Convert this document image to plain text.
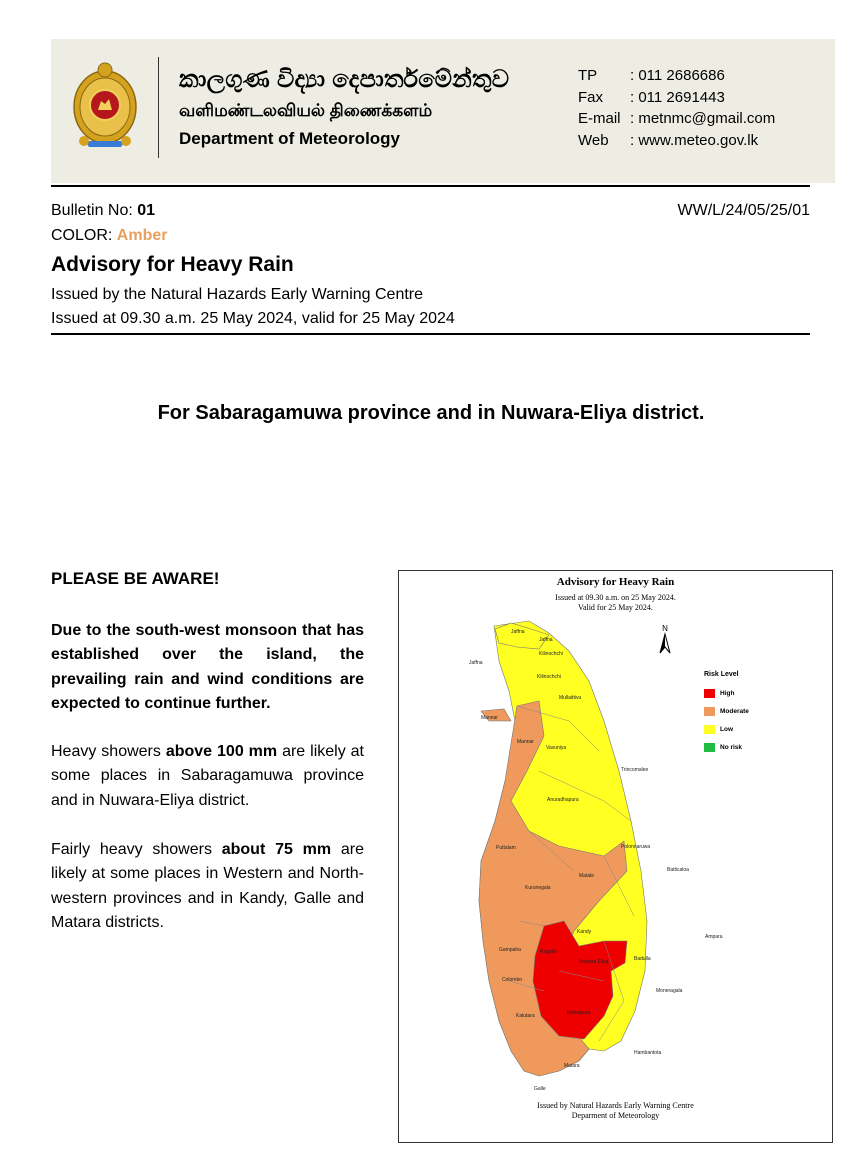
කාලගුණ විද්‍යා දෙපාර්තමේන්තුව
வளிமண்டலவியல் திணைக்களம்
Department of Meteorology
TP : 011 2686686
Fax : 011 2691443
E-mail : metnmc@gmail.com
Web : www.meteo.gov.lk
Bulletin No: 01	WW/L/24/05/25/01
COLOR: Amber
Advisory for Heavy Rain
Issued by the Natural Hazards Early Warning Centre
Issued at 09.30 a.m. 25 May 2024, valid for 25 May 2024
For Sabaragamuwa province and in Nuwara-Eliya district.
PLEASE BE AWARE!
Due to the south-west monsoon that has established over the island, the prevailing rain and wind conditions are expected to continue further.
Heavy showers above 100 mm are likely at some places in Sabaragamuwa province and in Nuwara-Eliya district.
Fairly heavy showers about 75 mm are likely at some places in Western and North-western provinces and in Kandy, Galle and Matara districts.
Advisory for Heavy Rain
Issued at 09.30 a.m. on 25 May 2024.
Valid for 25 May 2024.
N
Jaffna
Jaffna
Jaffna
Kilinochchi
Kilinochchi
Mullaittivu
Mannar
Mannar
Vavuniya
Trincomalee
Anuradhapura
Polonnaruwa
Batticaloa
Puttalam
Matale
Kurunegala
Kandy
Ampara
Gampaha	Kegalle
Nuwara Eliya	Badulla
Colombo
Moneragala
Kalutara	Ratnapura
Hambantota
Galle
Matara
Risk Level
High
Moderate
Low
No risk
Issued by Natural Hazards Early Warning Centre
Deparment of Meteorology
